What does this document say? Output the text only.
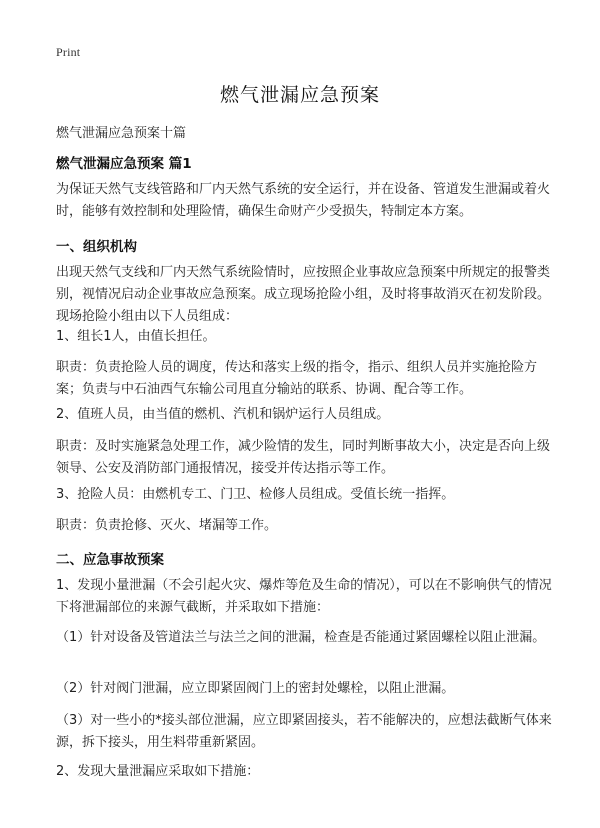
Print
燃气泄漏应急预案
燃气泄漏应急预案十篇
燃气泄漏应急预案 篇1

为保证天然气支线管路和厂内天然气系统的安全运行，并在设备、管道发生泄漏或着火时，能够有效控制和处理险情，确保生命财产少受损失，特制定本方案。

一、组织机构

出现天然气支线和厂内天然气系统险情时，应按照企业事故应急预案中所规定的报警类别，视情况启动企业事故应急预案。成立现场抢险小组，及时将事故消灭在初发阶段。现场抢险小组由以下人员组成：

1、组长1人，由值长担任。

职责：负责抢险人员的调度，传达和落实上级的指令，指示、组织人员并实施抢险方案；负责与中石油西气东输公司甩直分输站的联系、协调、配合等工作。

2、值班人员，由当值的燃机、汽机和锅炉运行人员组成。

职责：及时实施紧急处理工作，减少险情的发生，同时判断事故大小，决定是否向上级领导、公安及消防部门通报情况，接受并传达指示等工作。

3、抢险人员：由燃机专工、门卫、检修人员组成。受值长统一指挥。

职责：负责抢修、灭火、堵漏等工作。

二、应急事故预案

1、发现小量泄漏（不会引起火灾、爆炸等危及生命的情况），可以在不影响供气的情况下将泄漏部位的来源气截断，并采取如下措施：

（1）针对设备及管道法兰与法兰之间的泄漏，检查是否能通过紧固螺栓以阻止泄漏。

（2）针对阀门泄漏，应立即紧固阀门上的密封处螺栓，以阻止泄漏。

（3）对一些小的*接头部位泄漏，应立即紧固接头，若不能解决的，应想法截断气体来源，拆下接头，用生料带重新紧固。

2、发现大量泄漏应采取如下措施：
